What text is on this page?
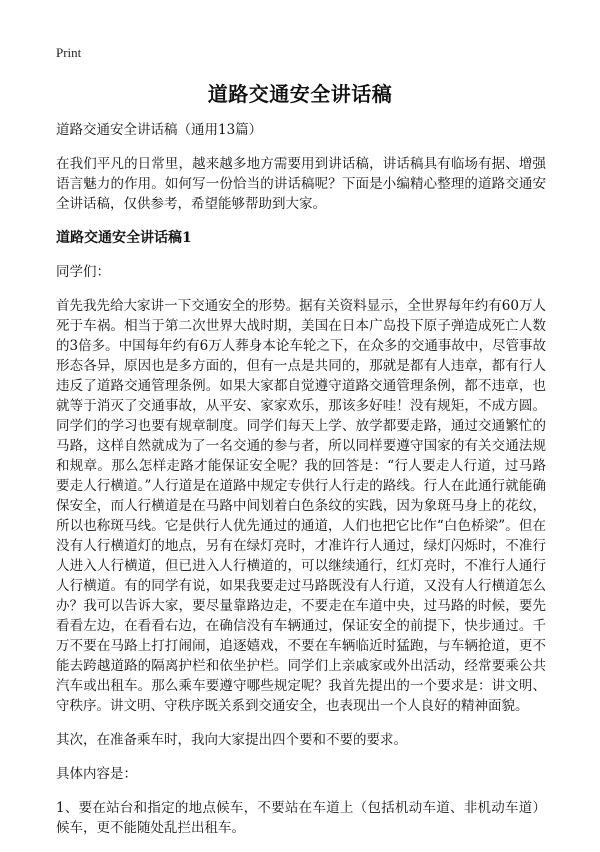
Print
道路交通安全讲话稿

道路交通安全讲话稿（通用13篇）

在我们平凡的日常里，越来越多地方需要用到讲话稿，讲话稿具有临场有据、增强语言魅力的作用。如何写一份恰当的讲话稿呢？下面是小编精心整理的道路交通安全讲话稿，仅供参考，希望能够帮助到大家。

道路交通安全讲话稿1

同学们：

首先我先给大家讲一下交通安全的形势。据有关资料显示，全世界每年约有60万人死于车祸。相当于第二次世界大战时期，美国在日本广岛投下原子弹造成死亡人数的3倍多。中国每年约有6万人葬身本论车轮之下，在众多的交通事故中，尽管事故形态各异，原因也是多方面的，但有一点是共同的，那就是都有人违章，都有行人违反了道路交通管理条例。如果大家都自觉遵守道路交通管理条例，都不违章，也就等于消灭了交通事故，从平安、家家欢乐，那该多好哇！没有规矩，不成方圆。同学们的学习也要有规章制度。同学们每天上学、放学都要走路，通过交通繁忙的马路，这样自然就成为了一名交通的参与者，所以同样要遵守国家的有关交通法规和规章。那么怎样走路才能保证安全呢？我的回答是：“行人要走人行道，过马路要走人行横道。”人行道是在道路中规定专供行人行走的路线。行人在此通行就能确保安全，而人行横道是在马路中间划着白色条纹的实践，因为象斑马身上的花纹，所以也称斑马线。它是供行人优先通过的通道，人们也把它比作“白色桥梁”。但在没有人行横道灯的地点，另有在绿灯亮时，才准许行人通过，绿灯闪烁时，不准行人进入人行横道，但已进入人行横道的，可以继续通行，红灯亮时，不准行人通行人行横道。有的同学有说，如果我要走过马路既没有人行道，又没有人行横道怎么办？我可以告诉大家，要尽量靠路边走，不要走在车道中央，过马路的时候，要先看看左边，在看看右边，在确信没有车辆通过，保证安全的前提下，快步通过。千万不要在马路上打打闹闹，追逐嬉戏，不要在车辆临近时猛跑，与车辆抢道，更不能去跨越道路的隔离护栏和依坐护栏。同学们上亲戚家或外出活动，经常要乘公共汽车或出租车。那么乘车要遵守哪些规定呢？我首先提出的一个要求是：讲文明、守秩序。讲文明、守秩序既关系到交通安全，也表现出一个人良好的精神面貌。

其次，在准备乘车时，我向大家提出四个要和不要的要求。

具体内容是：

1、要在站台和指定的地点候车，不要站在车道上（包括机动车道、非机动车道）候车，更不能随处乱拦出租车。
